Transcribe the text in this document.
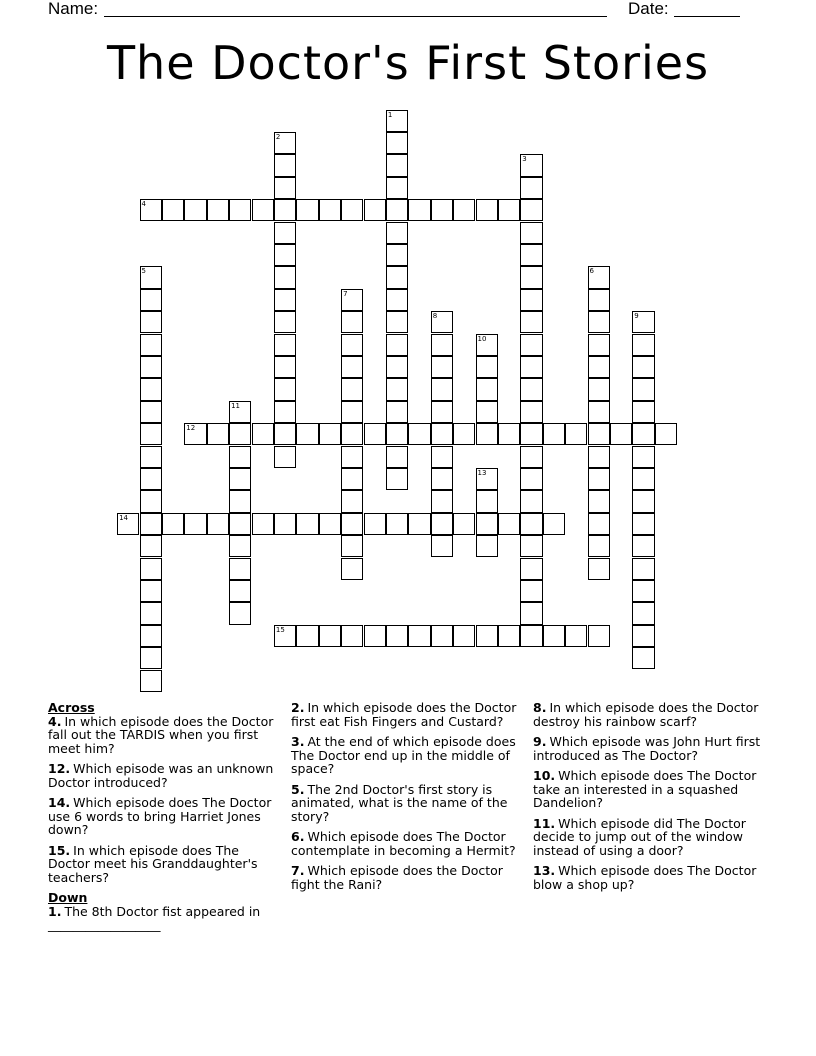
Name:	Date:
The Doctor's First Stories
1
2
3
4
5	6
7
8	9
10
11
12
13
14
15
Across
4. In which episode does the Doctor fall out the TARDIS when you first meet him?
12. Which episode was an unknown Doctor introduced?
14. Which episode does The Doctor use 6 words to bring Harriet Jones down?
15. In which episode does The Doctor meet his Granddaughter's teachers?
Down
1. The 8th Doctor fist appeared in __________________
2. In which episode does the Doctor first eat Fish Fingers and Custard?
3. At the end of which episode does The Doctor end up in the middle of space?
5. The 2nd Doctor's first story is animated, what is the name of the story?
6. Which episode does The Doctor contemplate in becoming a Hermit?
7. Which episode does the Doctor fight the Rani?
8. In which episode does the Doctor destroy his rainbow scarf?
9. Which episode was John Hurt first introduced as The Doctor?
10. Which episode does The Doctor take an interested in a squashed Dandelion?
11. Which episode did The Doctor decide to jump out of the window instead of using a door?
13. Which episode does The Doctor blow a shop up?
